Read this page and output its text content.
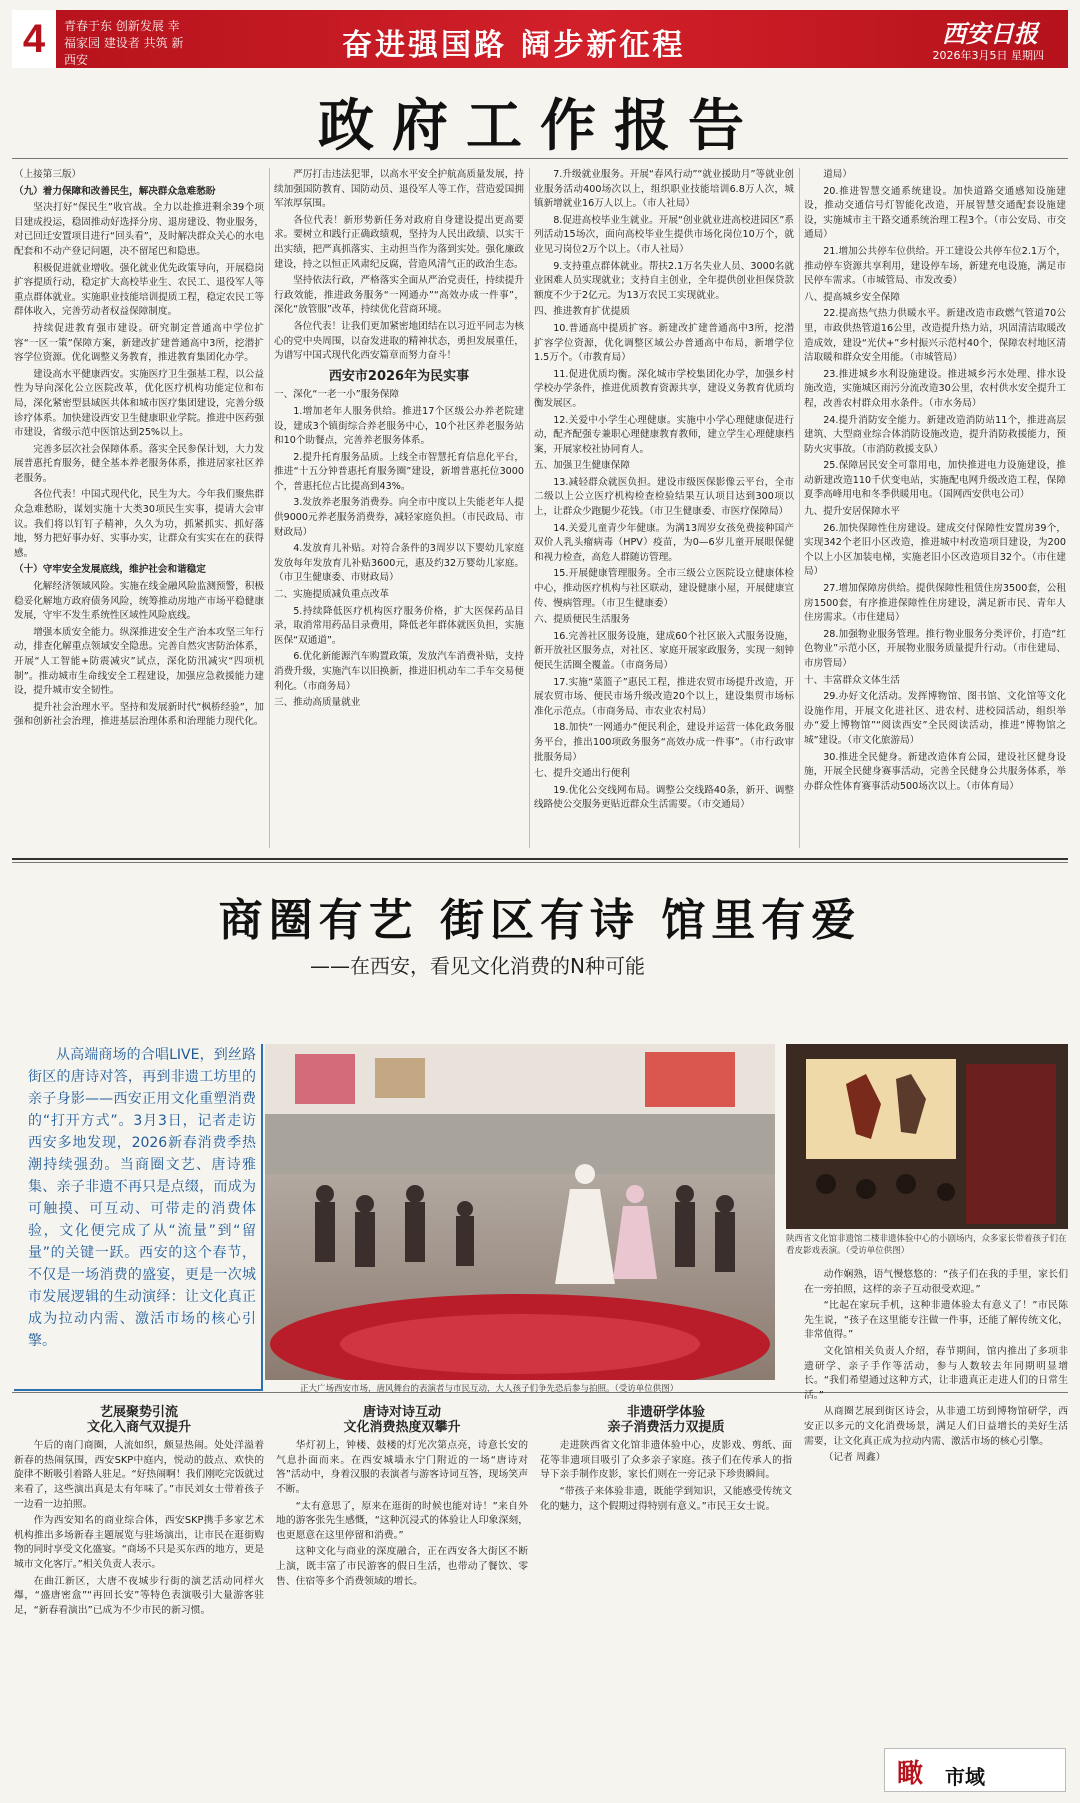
4	青春于东 创新发展 幸福家园 建设者 共筑 新西安	奋进强国路 阔步新征程	西安日报
2026年3月5日 星期四
政府工作报告

（上接第三版）

（九）着力保障和改善民生，解决群众急难愁盼

坚决打好“保民生”收官战。全力以赴推进剩余39个项目建成投运，稳固推动好选择分房、退房建设、物业服务，对已回迁安置项目进行“回头看”，及时解决群众关心的水电配套和不动产登记问题，决不留尾巴和隐患。

积极促进就业增收。强化就业优先政策导向，开展稳岗扩容提质行动，稳定扩大高校毕业生、农民工、退役军人等重点群体就业。实施职业技能培训提质工程，稳定农民工等群体收入，完善劳动者权益保障制度。

持续促进教育强市建设。研究制定普通高中学位扩容“一区一策”保障方案，新建改扩建普通高中3所，挖潜扩容学位资源。优化调整义务教育，推进教育集团化办学。

建设高水平健康西安。实施医疗卫生强基工程，以公益性为导向深化公立医院改革，优化医疗机构功能定位和布局，深化紧密型县域医共体和城市医疗集团建设，完善分级诊疗体系。加快建设西安卫生健康职业学院。推进中医药强市建设，省级示范中医馆达到25%以上。

完善多层次社会保障体系。落实全民参保计划，大力发展普惠托育服务，健全基本养老服务体系，推进居家社区养老服务。

各位代表！中国式现代化，民生为大。今年我们聚焦群众急难愁盼，谋划实施十大类30项民生实事，提请大会审议。我们将以钉钉子精神，久久为功，抓紧抓实、抓好落地，努力把好事办好、实事办实，让群众有实实在在的获得感。

（十）守牢安全发展底线，维护社会和谐稳定

化解经济领域风险。实施在线金融风险监测预警，积极稳妥化解地方政府债务风险，统筹推动房地产市场平稳健康发展，守牢不发生系统性区域性风险底线。

增强本质安全能力。纵深推进安全生产治本攻坚三年行动，排查化解重点领域安全隐患。完善自然灾害防治体系，开展“人工智能+防震减灾”试点，深化防汛减灾“四项机制”。推动城市生命线安全工程建设，加强应急救援能力建设，提升城市安全韧性。

提升社会治理水平。坚持和发展新时代“枫桥经验”，加强和创新社会治理，推进基层治理体系和治理能力现代化。

严厉打击违法犯罪，以高水平安全护航高质量发展，持续加强国防教育、国防动员、退役军人等工作，营造爱国拥军浓厚氛围。

各位代表！新形势新任务对政府自身建设提出更高要求。要树立和践行正确政绩观，坚持为人民出政绩、以实干出实绩，把严真抓落实、主动担当作为落到实处。强化廉政建设，持之以恒正风肃纪反腐，营造风清气正的政治生态。

坚持依法行政，严格落实全面从严治党责任，持续提升行政效能，推进政务服务“一网通办”“高效办成一件事”，深化“放管服”改革，持续优化营商环境。

各位代表！让我们更加紧密地团结在以习近平同志为核心的党中央周围，以奋发进取的精神状态，勇担发展重任，为谱写中国式现代化西安篇章而努力奋斗！

西安市2026年为民实事

一、深化“一老一小”服务保障

1.增加老年人服务供给。推进17个区级公办养老院建设，建成3个镇街综合养老服务中心，10个社区养老服务站和10个助餐点，完善养老服务体系。

2.提升托育服务品质。上线全市智慧托育信息化平台，推进“十五分钟普惠托育服务圈”建设，新增普惠托位3000个，普惠托位占比提高到43%。

3.发放养老服务消费券。向全市中度以上失能老年人提供9000元养老服务消费券，减轻家庭负担。（市民政局、市财政局）

4.发放育儿补贴。对符合条件的3周岁以下婴幼儿家庭发放每年发放育儿补贴3600元，惠及约32万婴幼儿家庭。（市卫生健康委、市财政局）

二、实施提质减负重点改革

5.持续降低医疗机构医疗服务价格，扩大医保药品目录，取消常用药品目录费用，降低老年群体就医负担，实施医保“双通道”。

6.优化新能源汽车购置政策，发放汽车消费补贴，支持消费升级，实施汽车以旧换新，推进旧机动车二手车交易便利化。（市商务局）

三、推动高质量就业

7.升级就业服务。开展“春风行动”“就业援助月”等就业创业服务活动400场次以上，组织职业技能培训6.8万人次，城镇新增就业16万人以上。（市人社局）

8.促进高校毕业生就业。开展“创业就业进高校进园区”系列活动15场次，面向高校毕业生提供市场化岗位10万个，就业见习岗位2万个以上。（市人社局）

9.支持重点群体就业。帮扶2.1万名失业人员、3000名就业困难人员实现就业；支持自主创业，全年提供创业担保贷款额度不少于2亿元。为13万农民工实现就业。

四、推进教育扩优提质

10.普通高中提质扩容。新建改扩建普通高中3所，挖潜扩容学位资源，优化调整区域公办普通高中布局，新增学位1.5万个。（市教育局）

11.促进优质均衡。深化城市学校集团化办学，加强乡村学校办学条件，推进优质教育资源共享，建设义务教育优质均衡发展区。

12.关爱中小学生心理健康。实施中小学心理健康促进行动，配齐配强专兼职心理健康教育教师，建立学生心理健康档案，开展家校社协同育人。

五、加强卫生健康保障

13.减轻群众就医负担。建设市级医保影像云平台，全市二级以上公立医疗机构检查检验结果互认项目达到300项以上，让群众少跑腿少花钱。（市卫生健康委、市医疗保障局）

14.关爱儿童青少年健康。为满13周岁女孩免费接种国产双价人乳头瘤病毒（HPV）疫苗，为0—6岁儿童开展眼保健和视力检查，高危人群随访管理。

15.开展健康管理服务。全市三级公立医院设立健康体检中心，推动医疗机构与社区联动，建设健康小屋，开展健康宣传、慢病管理。（市卫生健康委）

六、提质便民生活服务

16.完善社区服务设施，建成60个社区嵌入式服务设施，新开放社区服务点，对社区、家庭开展家政服务，实现一刻钟便民生活圈全覆盖。（市商务局）

17.实施“菜篮子”惠民工程，推进农贸市场提升改造，开展农贸市场、便民市场升级改造20个以上，建设集贸市场标准化示范点。（市商务局、市农业农村局）

18.加快“一网通办”便民利企，建设并运营一体化政务服务平台，推出100项政务服务“高效办成一件事”。（市行政审批服务局）

七、提升交通出行便利

19.优化公交线网布局。调整公交线路40条，新开、调整线路使公交服务更贴近群众生活需要。（市交通局）

道局）

20.推进智慧交通系统建设。加快道路交通感知设施建设，推动交通信号灯智能化改造，开展智慧交通配套设施建设，实施城市主干路交通系统治理工程3个。（市公安局、市交通局）

21.增加公共停车位供给。开工建设公共停车位2.1万个，推动停车资源共享利用，建设停车场，新建充电设施，满足市民停车需求。（市城管局、市发改委）

八、提高城乡安全保障

22.提高热气热力供暖水平。新建改造市政燃气管道70公里，市政供热管道16公里，改造提升热力站，巩固清洁取暖改造成效，建设“光伏+”乡村振兴示范村40个，保障农村地区清洁取暖和群众安全用能。（市城管局）

23.推进城乡水利设施建设。推进城乡污水处理、排水设施改造，实施城区雨污分流改造30公里，农村供水安全提升工程，改善农村群众用水条件。（市水务局）

24.提升消防安全能力。新建改造消防站11个，推进高层建筑、大型商业综合体消防设施改造，提升消防救援能力，预防火灾事故。（市消防救援支队）

25.保障居民安全可靠用电，加快推进电力设施建设，推动新建改造110千伏变电站，实施配电网升级改造工程，保障夏季高峰用电和冬季供暖用电。（国网西安供电公司）

九、提升安居保障水平

26.加快保障性住房建设。建成交付保障性安置房39个，实现342个老旧小区改造，推进城中村改造项目建设，为200个以上小区加装电梯，实施老旧小区改造项目32个。（市住建局）

27.增加保障房供给。提供保障性租赁住房3500套，公租房1500套，有序推进保障性住房建设，满足新市民、青年人住房需求。（市住建局）

28.加强物业服务管理。推行物业服务分类评价，打造“红色物业”示范小区，开展物业服务质量提升行动。（市住建局、市房管局）

十、丰富群众文体生活

29.办好文化活动。发挥博物馆、图书馆、文化馆等文化设施作用，开展文化进社区、进农村、进校园活动，组织举办“爱上博物馆”“阅读西安”全民阅读活动，推进“博物馆之城”建设。（市文化旅游局）

30.推进全民健身。新建改造体育公园，建设社区健身设施，开展全民健身赛事活动，完善全民健身公共服务体系，举办群众性体育赛事活动500场次以上。（市体育局）

商圈有艺 街区有诗 馆里有爱
——在西安，看见文化消费的N种可能
从高端商场的合唱LIVE，到丝路街区的唐诗对答，再到非遗工坊里的亲子身影——西安正用文化重塑消费的“打开方式”。3月3日，记者走访西安多地发现，2026新春消费季热潮持续强劲。当商圈文艺、唐诗雅集、亲子非遗不再只是点缀，而成为可触摸、可互动、可带走的消费体验，文化便完成了从“流量”到“留量”的关键一跃。西安的这个春节，不仅是一场消费的盛宴，更是一次城市发展逻辑的生动演绎：让文化真正成为拉动内需、激活市场的核心引擎。
正大广场西安市场，唐风舞台的表演者与市民互动，大人孩子们争先恐后参与拍照。（受访单位供图）
陕西省文化馆非遗馆二楼非遗体验中心的小剧场内，众多家长带着孩子们在看皮影戏表演。（受访单位供图）
艺展聚势引流
文化入商气双提升

午后的南门商圈，人流如织，颇显热闹。处处洋溢着新春的热闹氛围，西安SKP中庭内，悦动的鼓点、欢快的旋律不断吸引着路人驻足。“好热闹啊！我们刚吃完饭就过来看了，这些演出真是太有年味了。”市民刘女士带着孩子一边看一边拍照。

作为西安知名的商业综合体，西安SKP携手多家艺术机构推出多场新春主题展览与驻场演出，让市民在逛街购物的同时享受文化盛宴。“商场不只是买东西的地方，更是城市文化客厅。”相关负责人表示。

在曲江新区，大唐不夜城步行街的演艺活动同样火爆，“盛唐密盒”“再回长安”等特色表演吸引大量游客驻足，“新春看演出”已成为不少市民的新习惯。

唐诗对诗互动
文化消费热度双攀升

华灯初上，钟楼、鼓楼的灯光次第点亮，诗意长安的气息扑面而来。在西安城墙永宁门附近的一场“唐诗对答”活动中，身着汉服的表演者与游客诗词互答，现场笑声不断。

“太有意思了，原来在逛街的时候也能对诗！”来自外地的游客张先生感慨，“这种沉浸式的体验让人印象深刻，也更愿意在这里停留和消费。”

这种文化与商业的深度融合，正在西安各大街区不断上演，既丰富了市民游客的假日生活，也带动了餐饮、零售、住宿等多个消费领域的增长。

非遗研学体验
亲子消费活力双提质

走进陕西省文化馆非遗体验中心，皮影戏、剪纸、面花等非遗项目吸引了众多亲子家庭。孩子们在传承人的指导下亲手制作皮影，家长们则在一旁记录下珍贵瞬间。

“带孩子来体验非遗，既能学到知识，又能感受传统文化的魅力，这个假期过得特别有意义。”市民王女士说。

动作娴熟，语气慢悠悠的：“孩子们在我的手里，家长们在一旁拍照，这样的亲子互动很受欢迎。”

“比起在家玩手机，这种非遗体验太有意义了！”市民陈先生说，“孩子在这里能专注做一件事，还能了解传统文化，非常值得。”

文化馆相关负责人介绍，春节期间，馆内推出了多项非遗研学、亲子手作等活动，参与人数较去年同期明显增长。“我们希望通过这种方式，让非遗真正走进人们的日常生活。”

从商圈艺展到街区诗会，从非遗工坊到博物馆研学，西安正以多元的文化消费场景，满足人们日益增长的美好生活需要，让文化真正成为拉动内需、激活市场的核心引擎。

（记者 周鑫）

瞰 市域
